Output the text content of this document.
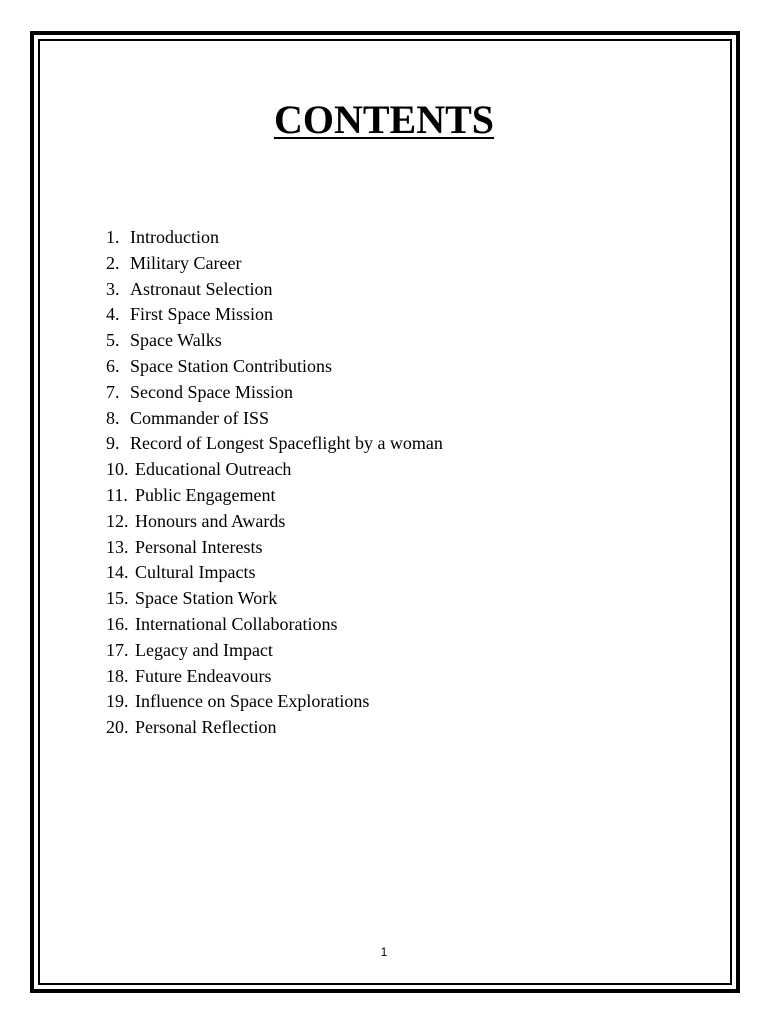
CONTENTS
1. Introduction
2. Military Career
3. Astronaut Selection
4. First Space Mission
5. Space Walks
6. Space Station Contributions
7. Second Space Mission
8. Commander of ISS
9. Record of Longest Spaceflight by a woman
10. Educational Outreach
11. Public Engagement
12. Honours and Awards
13. Personal Interests
14. Cultural Impacts
15. Space Station Work
16. International Collaborations
17. Legacy and Impact
18. Future Endeavours
19. Influence on Space Explorations
20. Personal Reflection
1
